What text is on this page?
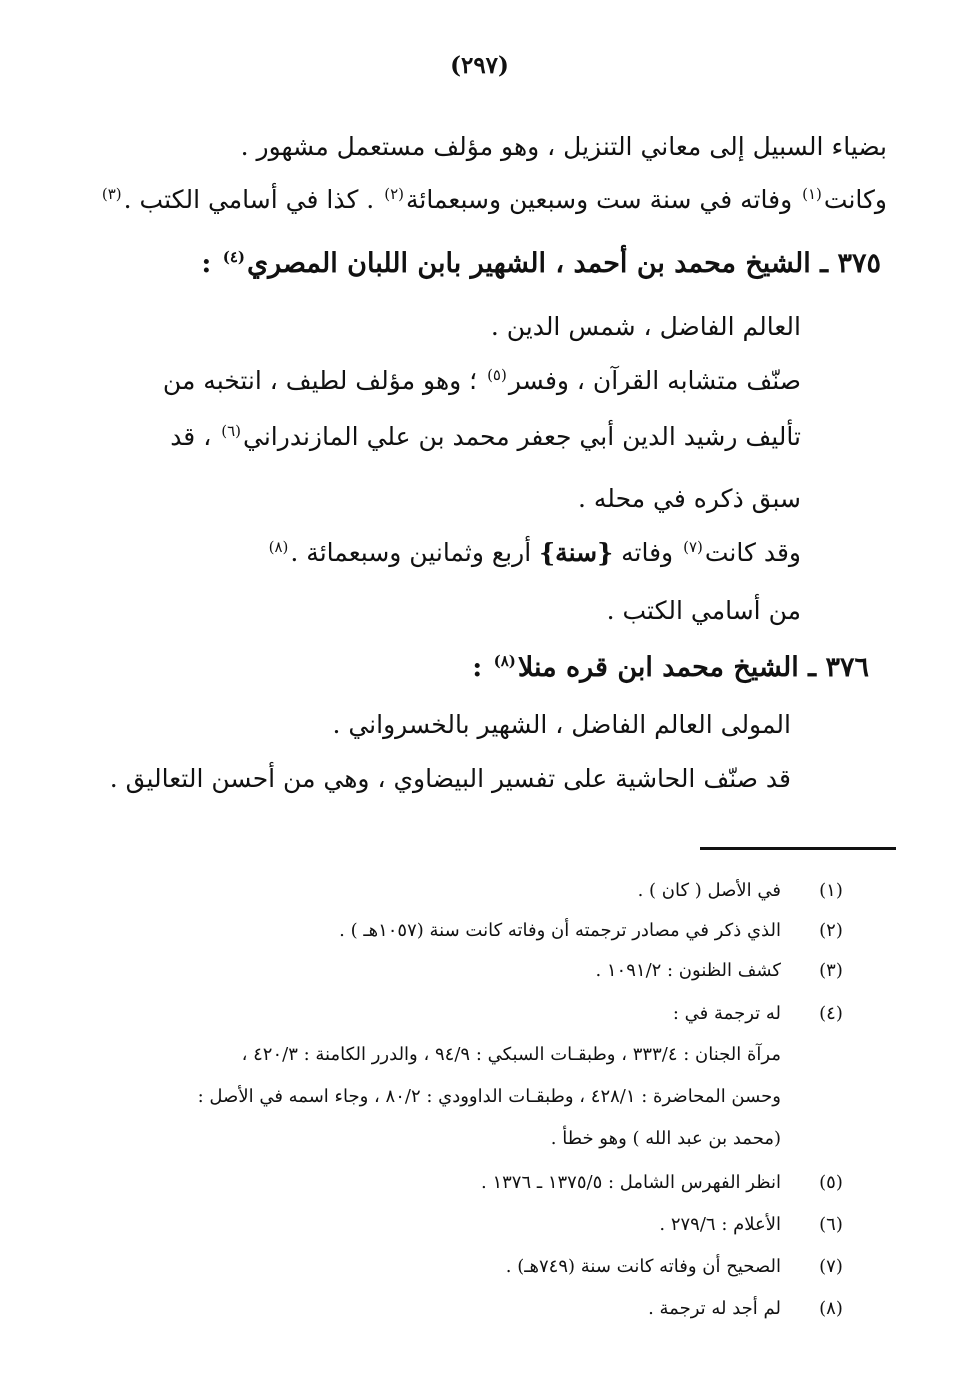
(٢٩٧)
بضياء السبيل إلى معاني التنزيل ، وهو مؤلف مستعمل مشهور .
وكانت$^{(١)}$ وفاته في سنة ست وسبعين وسبعمائة$^{(٢)}$ . كذا في أسامي الكتب .$^{(٣)}$
٣٧٥ ـ الشيخ محمد بن أحمد ، الشهير بابن اللبان المصري$^{(٤)}$ :
العالم الفاضل ، شمس الدين .
صنّف متشابه القرآن ، وفسر$^{(٥)}$ ؛ وهو مؤلف لطيف ، انتخبه من
تأليف رشيد الدين أبي جعفر محمد بن علي المازندراني$^{(٦)}$ ، قد
سبق ذكره في محله .
وقد كانت$^{(٧)}$ وفاته {سنة} أربع وثمانين وسبعمائة .$^{(٨)}$
من أسامي الكتب .
٣٧٦ ـ الشيخ محمد ابن قره منلا$^{(٨)}$ :
المولى العالم الفاضل ، الشهير بالخسرواني .
قد صنّف الحاشية على تفسير البيضاوي ، وهي من أحسن التعاليق .
(١)
في الأصل ( كان ) .
(٢)
الذي ذكر في مصادر ترجمته أن وفاته كانت سنة (١٠٥٧هـ ) .
(٣)
كشف الظنون : ١٠٩١/٢ .
(٤)
له ترجمة في :
مرآة الجنان : ٣٣٣/٤ ، وطبقـات السبكي : ٩٤/٩ ، والدرر الكامنة : ٤٢٠/٣ ،
وحسن المحاضرة : ٤٢٨/١ ، وطبقـات الداوودي : ٨٠/٢ ، وجاء اسمه في الأصل :
(محمد بن عبد الله ) وهو خطأ .
(٥)
انظر الفهرس الشامل : ١٣٧٥/٥ ـ ١٣٧٦ .
(٦)
الأعلام : ٢٧٩/٦ .
(٧)
الصحيح أن وفاته كانت سنة (٧٤٩هـ) .
(٨)
لم أجد له ترجمة .
